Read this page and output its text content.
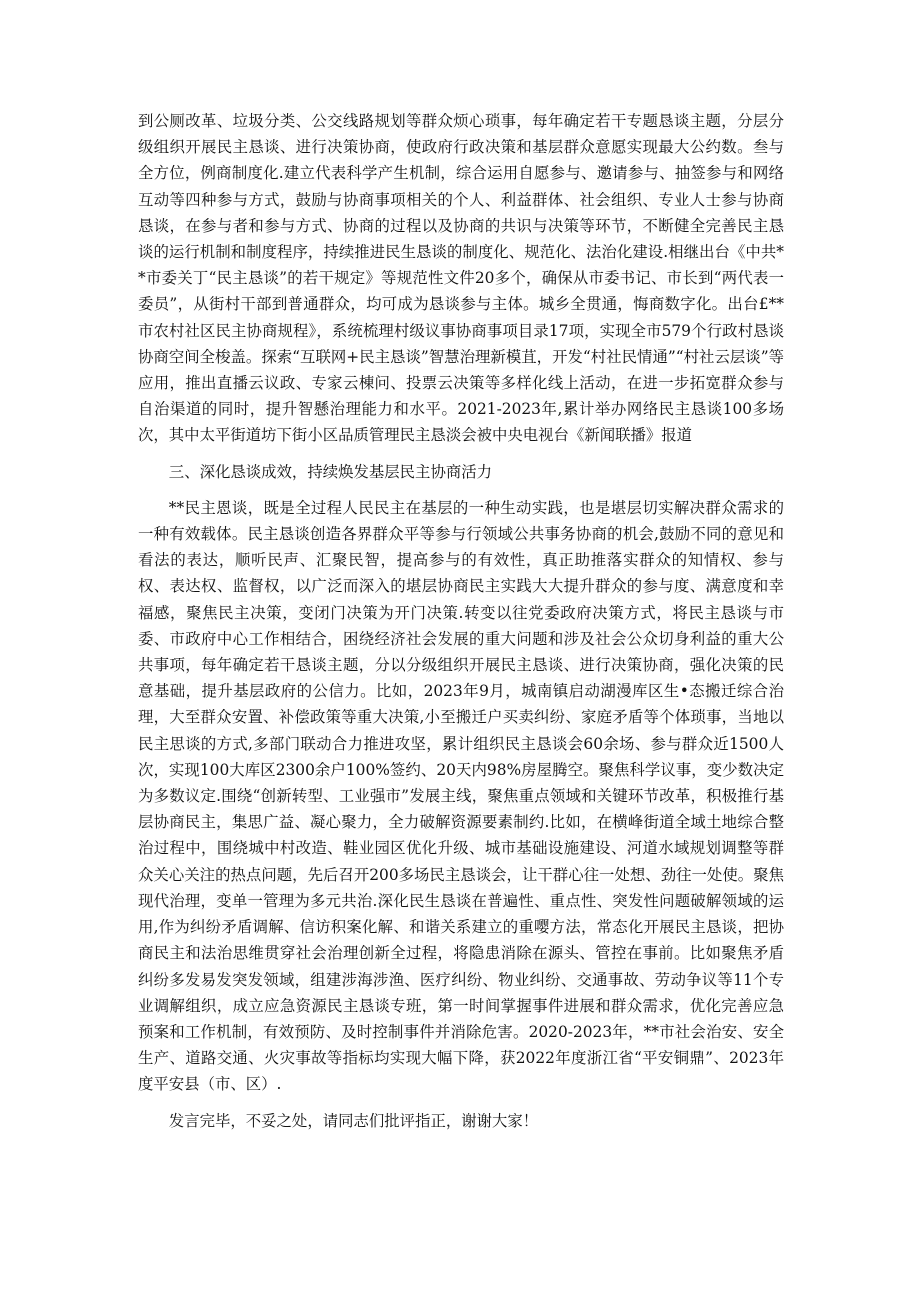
到公厕改革、垃圾分类、公交线路规划等群众烦心琐事，每年确定若干专题恳谈主题，分层分级组织开展民主恳谈、进行决策协商，使政府行政决策和基层群众意愿实现最大公约数。叁与全方位，例商制度化.建立代表科学产生机制，综合运用自愿参与、邀请参与、抽签参与和网络互动等四种参与方式，鼓励与协商事项相关的个人、利益群体、社会组织、专业人士参与协商恳谈，在参与者和参与方式、协商的过程以及协商的共识与决策等环节，不断健全完善民主恳谈的运行机制和制度程序，持续推进民生恳谈的制度化、规范化、法治化建设.相继出台《中共**市委关丁“民主恳谈”的若干规定》等规范性文件20多个，确保从市委书记、市长到“两代表一委员”，从街村干部到普通群众，均可成为恳谈参与主体。城乡全贯通，悔商数字化。出台£**市农村社区民主协商规程》，系统梳理村级议事协商事项目录17项，实现全市579个行政村恳谈协商空间全梭盖。探索“互联网+民主恳谈”智慧治理新模苴，开发“村社民情通”“村社云层谈”等应用，推出直播云议政、专家云棟问、投票云决策等多样化线上活动，在进一步拓宽群众参与自治渠道的同时，提升智懸治理能力和水平。2021-2023年,累计举办网络民主恳谈100多场次，其中太平街道坊下街小区品质管理民主恳淡会被中央电视台《新闻联播》报道

三、深化恳谈成效，持续焕发基层民主协商活力

**民主恩谈，既是全过程人民民主在基层的一种生动实践，也是堪层切实解决群众需求的一种有效载体。民主恳谈创造各界群众平等参与行领域公共事务协商的机会,鼓励不同的意见和看法的表达，顺听民声、汇聚民智，提高参与的有效性，真正助推落实群众的知情权、参与权、表达权、监督权，以广泛而深入的堪层协商民主实践大大提升群众的参与度、满意度和幸福感，聚焦民主决策，变闭门决策为开门决策.转变以往党委政府决策方式，将民主恳谈与市委、市政府中心工作相结合，困绕经济社会发展的重大问题和涉及社会公众切身利益的重大公共事项，每年确定若干恳谈主题，分以分级组织开展民主恳谈、进行决策协商，强化决策的民意基础，提升基层政府的公信力。比如，2023年9月，城南镇启动湖漫库区生•态搬迁综合治理，大至群众安置、补偿政策等重大决策,小至搬迁户买卖纠纷、家庭矛盾等个体琐事，当地以民主思谈的方式,多部门联动合力推进攻坚，累计组织民主恳谈会60余场、参与群众近1500人次，实现100大库区2300余户100%签约、20天内98%房屋腾空。聚焦科学议事，变少数决定为多数议定.围绕“创新转型、工业强市”发展主线，聚焦重点领域和关键环节改革，积极推行基层协商民主，集思广益、凝心聚力，全力破解资源要素制约.比如，在横峰街道全域土地综合整治过程中，围绕城中村改造、鞋业园区优化升级、城市基础设施建设、河道水域规划调整等群众关心关注的热点问题，先后召开200多场民主恳谈会，让干群心往一处想、劲往一处使。聚焦现代治理，变单一管理为多元共治.深化民生恳谈在普遍性、重点性、突发性问题破解领域的运用,作为纠纷矛盾调解、信访积案化解、和谐关系建立的重嘤方法，常态化开展民主恳谈，把协商民主和法治思维贯穿社会治理创新全过程，将隐患消除在源头、管控在事前。比如聚焦矛盾纠纷多发易发突发领域，组建涉海涉渔、医疗纠纷、物业纠纷、交通事故、劳动争议等11个专业调解组织，成立应急资源民主恳谈专班，第一时间掌握事件进展和群众需求，优化完善应急预案和工作机制，有效预防、及时控制事件并消除危害。2020-2023年，**市社会治安、安全生产、道路交通、火灾事故等指标均实现大幅下降，获2022年度浙江省“平安铜鼎”、2023年度平安县（市、区）.

发言完毕，不妥之处，请同志们批评指正，谢谢大家！
